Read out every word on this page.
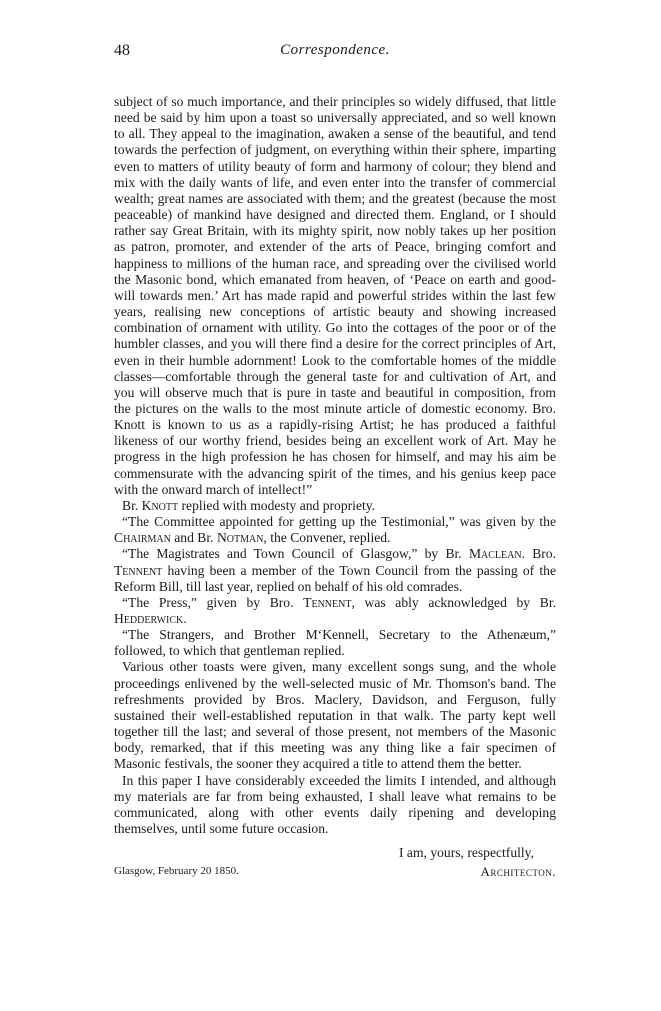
48	Correspondence.

subject of so much importance, and their principles so widely diffused, that little need be said by him upon a toast so universally appreciated, and so well known to all. They appeal to the imagination, awaken a sense of the beautiful, and tend towards the perfection of judgment, on everything within their sphere, imparting even to matters of utility beauty of form and harmony of colour; they blend and mix with the daily wants of life, and even enter into the transfer of commercial wealth; great names are associated with them; and the greatest (because the most peaceable) of mankind have designed and directed them. England, or I should rather say Great Britain, with its mighty spirit, now nobly takes up her position as patron, promoter, and extender of the arts of Peace, bringing comfort and happiness to millions of the human race, and spreading over the civilised world the Masonic bond, which emanated from heaven, of ‘Peace on earth and good-will towards men.’ Art has made rapid and powerful strides within the last few years, realising new conceptions of artistic beauty and showing increased combination of ornament with utility. Go into the cottages of the poor or of the humbler classes, and you will there find a desire for the correct principles of Art, even in their humble adornment! Look to the comfortable homes of the middle classes—comfortable through the general taste for and cultivation of Art, and you will observe much that is pure in taste and beautiful in composition, from the pictures on the walls to the most minute article of domestic economy. Bro. Knott is known to us as a rapidly-rising Artist; he has produced a faithful likeness of our worthy friend, besides being an excellent work of Art. May he progress in the high profession he has chosen for himself, and may his aim be commensurate with the advancing spirit of the times, and his genius keep pace with the onward march of intellect!”

Br. Knott replied with modesty and propriety.

“The Committee appointed for getting up the Testimonial,” was given by the Chairman and Br. Notman, the Convener, replied.

“The Magistrates and Town Council of Glasgow,” by Br. Maclean. Bro. Tennent having been a member of the Town Council from the passing of the Reform Bill, till last year, replied on behalf of his old comrades.

“The Press,” given by Bro. Tennent, was ably acknowledged by Br. Hedderwick.

“The Strangers, and Brother M‘Kennell, Secretary to the Athenæum,” followed, to which that gentleman replied.

Various other toasts were given, many excellent songs sung, and the whole proceedings enlivened by the well-selected music of Mr. Thomson's band. The refreshments provided by Bros. Maclery, Davidson, and Ferguson, fully sustained their well-established reputation in that walk. The party kept well together till the last; and several of those present, not members of the Masonic body, remarked, that if this meeting was any thing like a fair specimen of Masonic festivals, the sooner they acquired a title to attend them the better.

In this paper I have considerably exceeded the limits I intended, and although my materials are far from being exhausted, I shall leave what remains to be communicated, along with other events daily ripening and developing themselves, until some future occasion.

I am, yours, respectfully,
Glasgow, February 20 1850.	Architecton.
